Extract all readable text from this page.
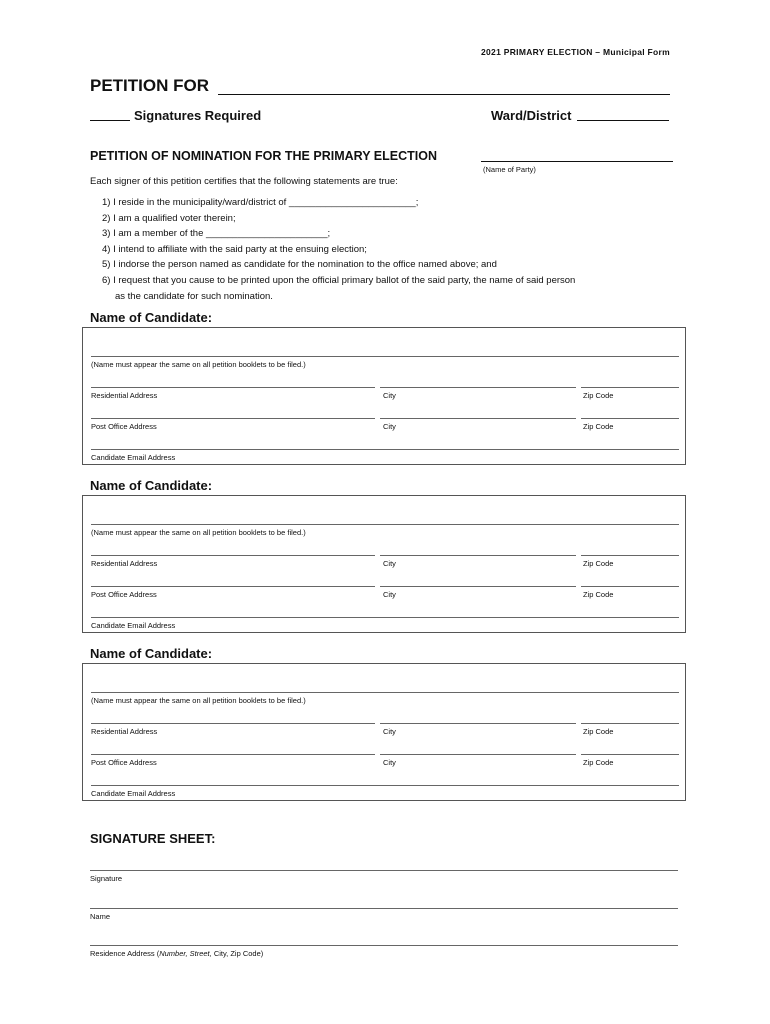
2021 PRIMARY ELECTION – Municipal Form
PETITION FOR
Signatures Required	Ward/District
PETITION OF NOMINATION FOR THE PRIMARY ELECTION
(Name of Party)
Each signer of this petition certifies that the following statements are true:
1) I reside in the municipality/ward/district of ________________________;
2) I am a qualified voter therein;
3) I am a member of the _______________________;
4) I intend to affiliate with the said party at the ensuing election;
5) I indorse the person named as candidate for the nomination to the office named above; and
6) I request that you cause to be printed upon the official primary ballot of the said party, the name of said person
as the candidate for such nomination.
Name of Candidate:
(Name must appear the same on all petition booklets to be filed.)
Residential Address	City	Zip Code
Post Office Address	City	Zip Code
Candidate Email Address
Name of Candidate:
(Name must appear the same on all petition booklets to be filed.)
Residential Address	City	Zip Code
Post Office Address	City	Zip Code
Candidate Email Address
Name of Candidate:
(Name must appear the same on all petition booklets to be filed.)
Residential Address	City	Zip Code
Post Office Address	City	Zip Code
Candidate Email Address
SIGNATURE SHEET:
Signature
Name
Residence Address (Number, Street, City, Zip Code)
